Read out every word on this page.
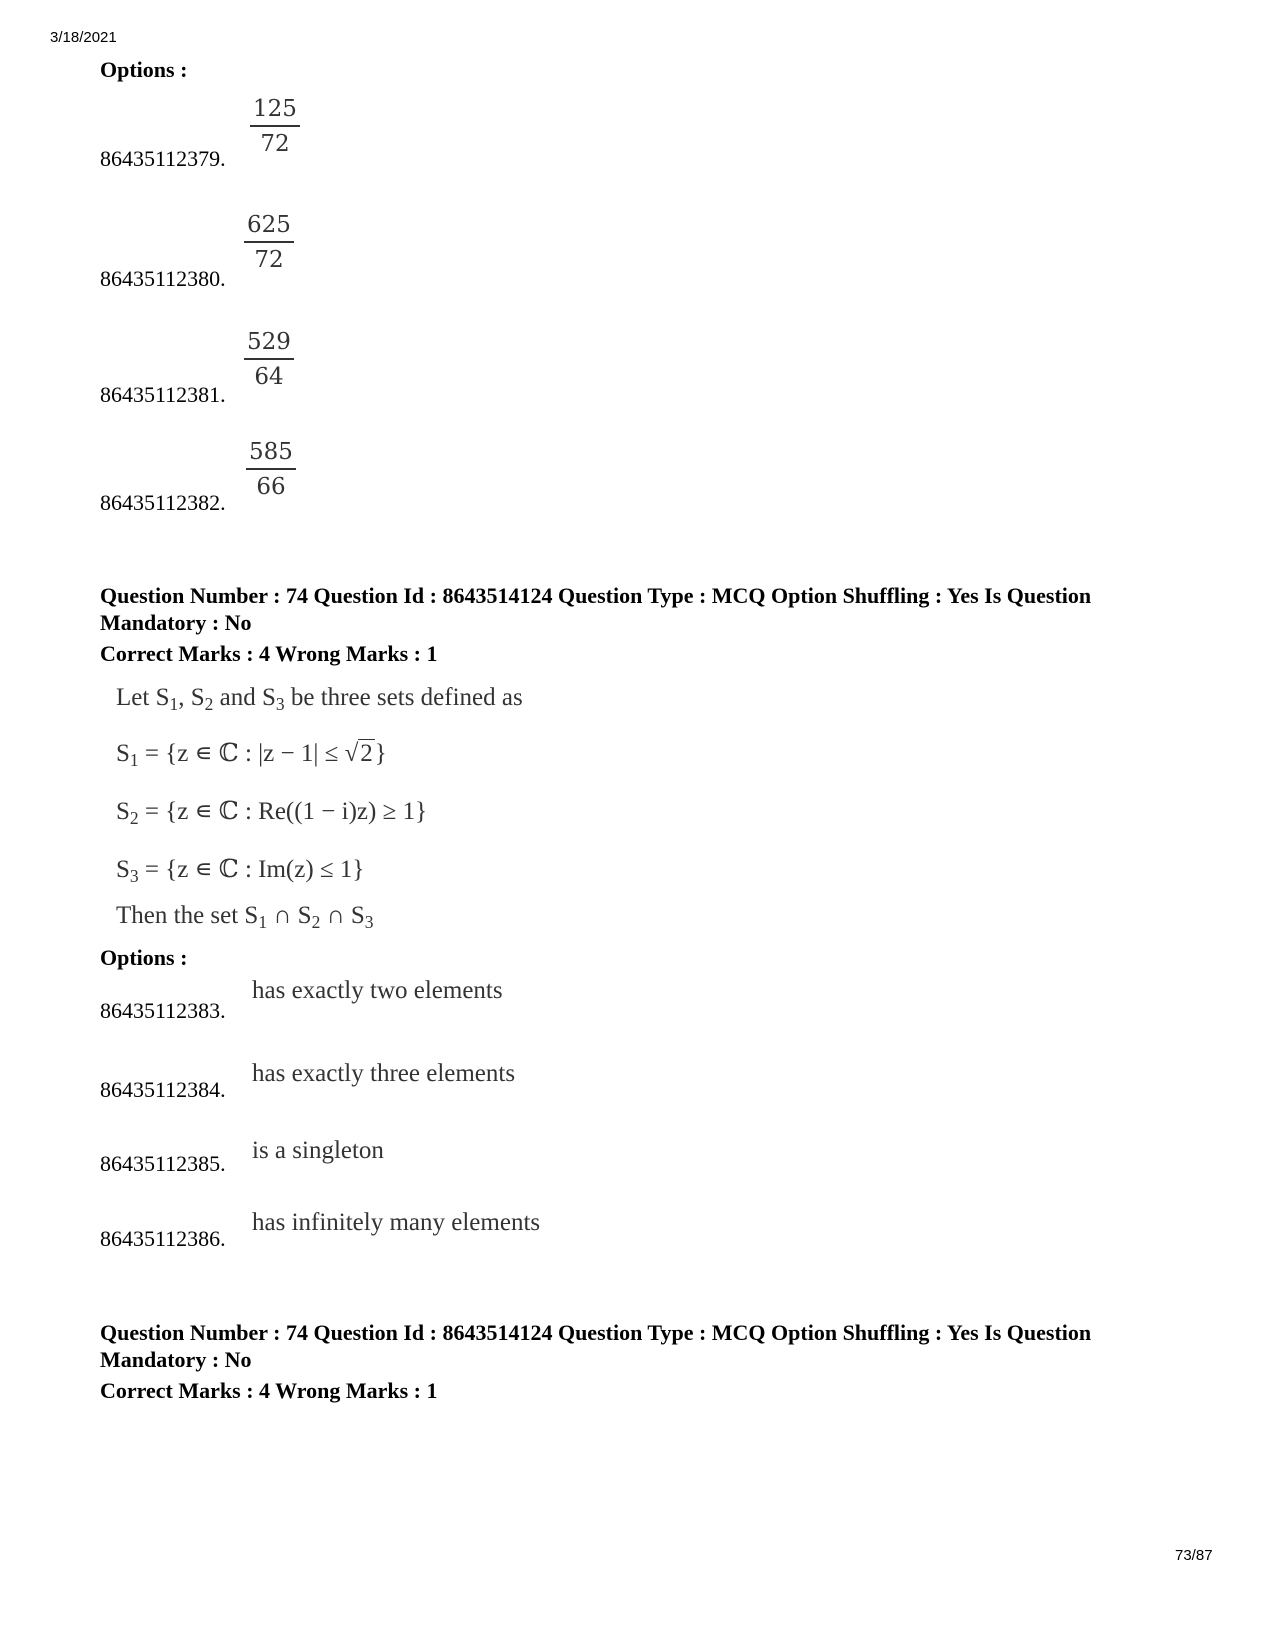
3/18/2021
Options :
$\frac{125}{72}$
86435112379.
$\frac{625}{72}$
86435112380.
$\frac{529}{64}$
86435112381.
$\frac{585}{66}$
86435112382.
Question Number : 74 Question Id : 8643514124 Question Type : MCQ Option Shuffling : Yes Is Question Mandatory : No
Correct Marks : 4 Wrong Marks : 1
Let $S_1$, $S_2$ and $S_3$ be three sets defined as
$S_1 = \{z$ ∊ ℂ : |z − 1| ≤ √2}
$S_2 = \{z$ ∊ ℂ : Re((1 − i)z) ≥ 1}
$S_3 = \{z$ ∊ ℂ : Im(z) ≤ 1}
Then the set $S_1$ ∩ $S_2$ ∩ $S_3$
Options :
has exactly two elements
86435112383.
has exactly three elements
86435112384.
is a singleton
86435112385.
has infinitely many elements
86435112386.
Question Number : 74 Question Id : 8643514124 Question Type : MCQ Option Shuffling : Yes Is Question Mandatory : No
Correct Marks : 4 Wrong Marks : 1
73/87
